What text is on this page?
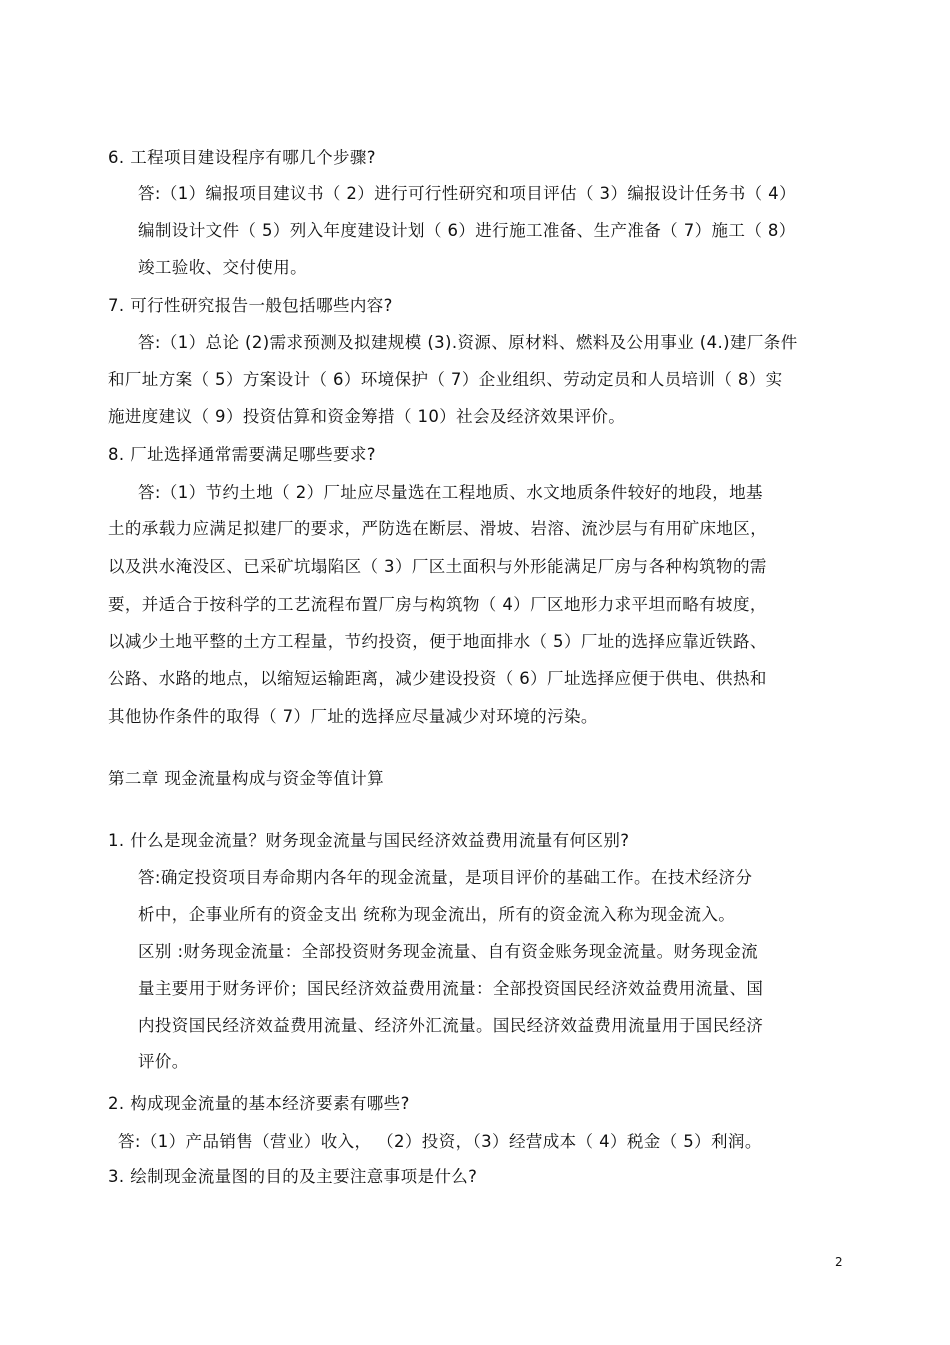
6. 工程项目建设程序有哪几个步骤?
答:（1）编报项目建议书（ 2）进行可行性研究和项目评估（ 3）编报设计任务书（ 4）
编制设计文件（ 5）列入年度建设计划（ 6）进行施工准备、生产准备（ 7）施工（ 8）
竣工验收、交付使用。
7. 可行性研究报告一般包括哪些内容?
答:（1）总论 (2)需求预测及拟建规模 (3).资源、原材料、燃料及公用事业 (4.)建厂条件
和厂址方案（ 5）方案设计（ 6）环境保护（ 7）企业组织、劳动定员和人员培训（ 8）实
施进度建议（ 9）投资估算和资金筹措（ 10）社会及经济效果评价。
8. 厂址选择通常需要满足哪些要求?
答:（1）节约土地（ 2）厂址应尽量选在工程地质、水文地质条件较好的地段，地基
土的承载力应满足拟建厂的要求，严防选在断层、滑坡、岩溶、流沙层与有用矿床地区，
以及洪水淹没区、已采矿坑塌陷区（ 3）厂区土面积与外形能满足厂房与各种构筑物的需
要，并适合于按科学的工艺流程布置厂房与构筑物（ 4）厂区地形力求平坦而略有坡度，
以减少土地平整的土方工程量，节约投资，便于地面排水（ 5）厂址的选择应靠近铁路、
公路、水路的地点，以缩短运输距离，减少建设投资（ 6）厂址选择应便于供电、供热和
其他协作条件的取得（ 7）厂址的选择应尽量减少对环境的污染。
第二章 现金流量构成与资金等值计算
1. 什么是现金流量？财务现金流量与国民经济效益费用流量有何区别?
答:确定投资项目寿命期内各年的现金流量，是项目评价的基础工作。在技术经济分
析中，企事业所有的资金支出 统称为现金流出，所有的资金流入称为现金流入。
区别 :财务现金流量：全部投资财务现金流量、自有资金账务现金流量。财务现金流
量主要用于财务评价；国民经济效益费用流量：全部投资国民经济效益费用流量、国
内投资国民经济效益费用流量、经济外汇流量。国民经济效益费用流量用于国民经济
评价。
2. 构成现金流量的基本经济要素有哪些?
答:（1）产品销售（营业）收入， （2）投资，（3）经营成本（ 4）税金（ 5）利润。
3. 绘制现金流量图的目的及主要注意事项是什么?
2
